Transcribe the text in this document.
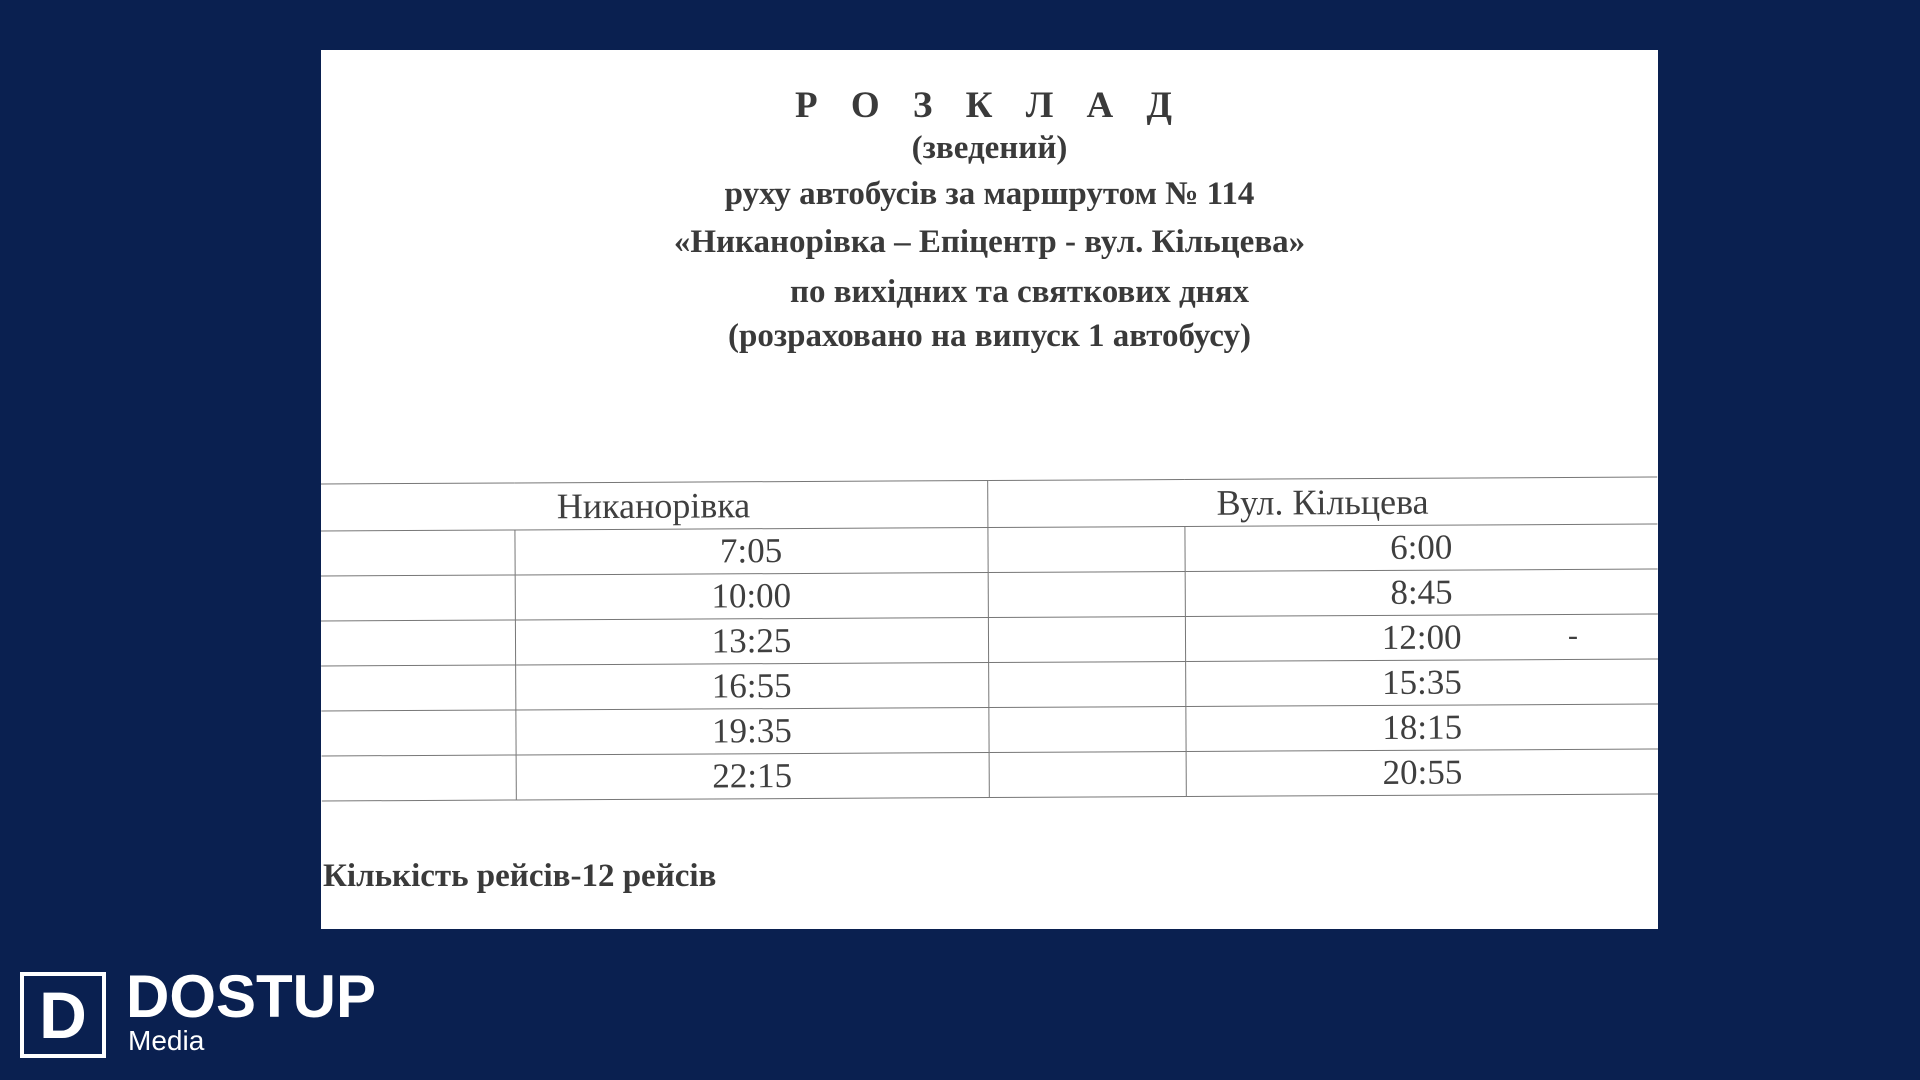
Р О З К Л А Д
(зведений)
руху автобусів за маршрутом № 114
«Никанорівка – Епіцентр - вул. Кільцева»
по вихідних та святкових днях
(розраховано на випуск 1 автобусу)
Никанорівка		Вул. Кільцева	
	7:05		6:00
	10:00		8:45
	13:25		12:00 -

	16:55		15:35
	19:35		18:15
	22:15		20:55
Кількість рейсів-12 рейсів
D DOSTUP
Media
